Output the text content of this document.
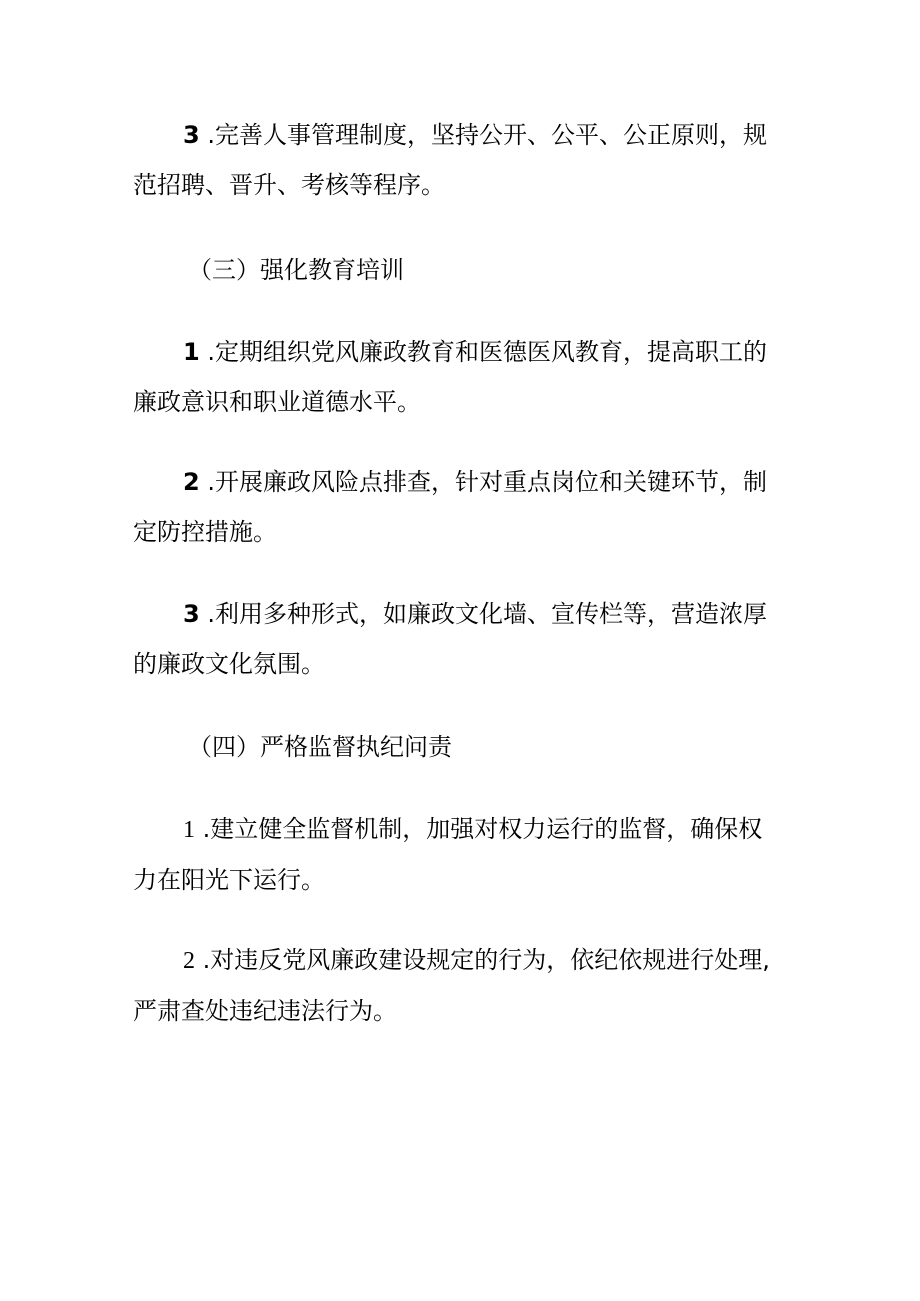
3 .完善人事管理制度，坚持公开、公平、公正原则，规
范招聘、晋升、考核等程序。

（三）强化教育培训

1 .定期组织党风廉政教育和医德医风教育，提高职工的
廉政意识和职业道德水平。

2 .开展廉政风险点排查，针对重点岗位和关键环节，制
定防控措施。

3 .利用多种形式，如廉政文化墙、宣传栏等，营造浓厚
的廉政文化氛围。

（四）严格监督执纪问责

1 .建立健全监督机制，加强对权力运行的监督，确保权
力在阳光下运行。

2 .对违反党风廉政建设规定的行为，依纪依规进行处理,
严肃查处违纪违法行为。
